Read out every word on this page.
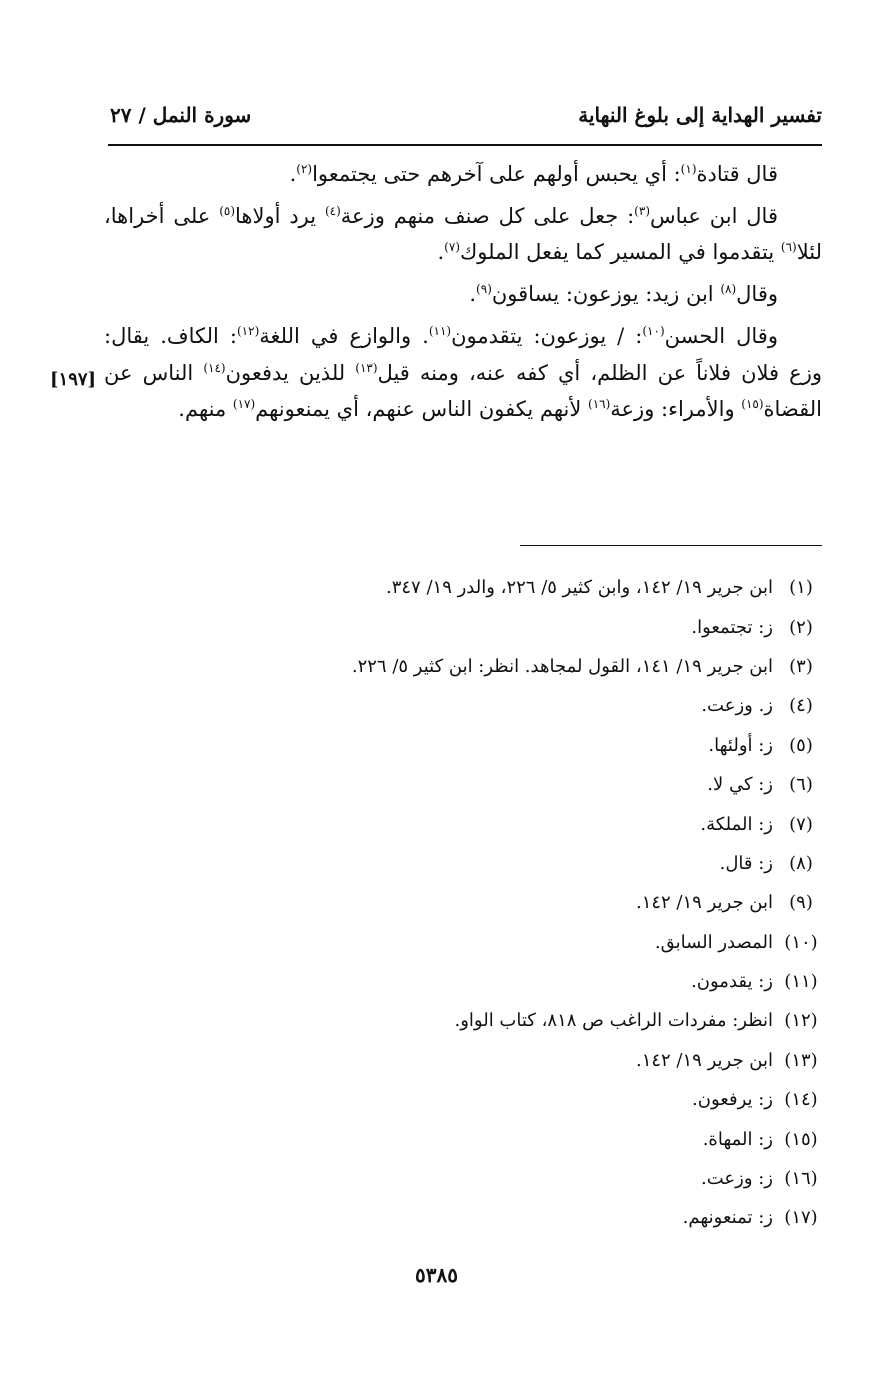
تفسير الهداية إلى بلوغ النهاية
سورة النمل / ٢٧

قال قتادة$^{(١)}$: أي يحبس أولهم على آخرهم حتى يجتمعوا$^{(٢)}$.

قال ابن عباس$^{(٣)}$: جعل على كل صنف منهم وزعة$^{(٤)}$ يرد أولاها$^{(٥)}$ على أخراها، لئلا$^{(٦)}$ يتقدموا في المسير كما يفعل الملوك$^{(٧)}$.

وقال$^{(٨)}$ ابن زيد: يوزعون: يساقون$^{(٩)}$.

وقال الحسن$^{(١٠)}$: / يوزعون: يتقدمون$^{(١١)}$. والوازع في اللغة$^{(١٢)}$: الكاف. يقال: وزع فلان فلاناً عن الظلم، أي كفه عنه، ومنه قيل$^{(١٣)}$ للذين يدفعون$^{(١٤)}$ الناس عن القضاة$^{(١٥)}$ والأمراء: وزعة$^{(١٦)}$ لأنهم يكفون الناس عنهم، أي يمنعونهم$^{(١٧)}$ منهم.

[١٩٧]
(١)
ابن جرير ١٩/ ١٤٢، وابن كثير ٥/ ٢٢٦، والدر ١٩/ ٣٤٧.
(٢)
ز: تجتمعوا.
(٣)
ابن جرير ١٩/ ١٤١، القول لمجاهد. انظر: ابن كثير ٥/ ٢٢٦.
(٤)
ز. وزعت.
(٥)
ز: أولئها.
(٦)
ز: كي لا.
(٧)
ز: الملكة.
(٨)
ز: قال.
(٩)
ابن جرير ١٩/ ١٤٢.
(١٠)
المصدر السابق.
(١١)
ز: يقدمون.
(١٢)
انظر: مفردات الراغب ص ٨١٨، كتاب الواو.
(١٣)
ابن جرير ١٩/ ١٤٢.
(١٤)
ز: يرفعون.
(١٥)
ز: المهاة.
(١٦)
ز: وزعت.
(١٧)
ز: تمنعونهم.
٥٣٨٥
